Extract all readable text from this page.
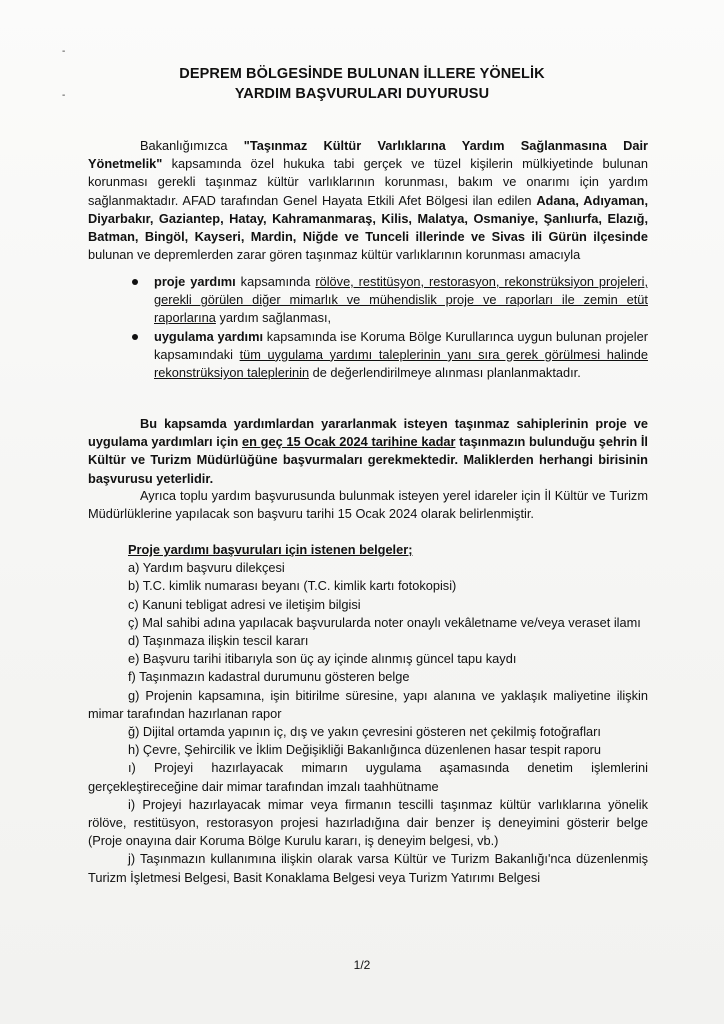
-
-
DEPREM BÖLGESİNDE BULUNAN İLLERE YÖNELİK
YARDIM BAŞVURULARI DUYURUSU
Bakanlığımızca "Taşınmaz Kültür Varlıklarına Yardım Sağlanmasına Dair Yönetmelik" kapsamında özel hukuka tabi gerçek ve tüzel kişilerin mülkiyetinde bulunan korunması gerekli taşınmaz kültür varlıklarının korunması, bakım ve onarımı için yardım sağlanmaktadır. AFAD tarafından Genel Hayata Etkili Afet Bölgesi ilan edilen Adana, Adıyaman, Diyarbakır, Gaziantep, Hatay, Kahramanmaraş, Kilis, Malatya, Osmaniye, Şanlıurfa, Elazığ, Batman, Bingöl, Kayseri, Mardin, Niğde ve Tunceli illerinde ve Sivas ili Gürün ilçesinde bulunan ve depremlerden zarar gören taşınmaz kültür varlıklarının korunması amacıyla
proje yardımı kapsamında rölöve, restitüsyon, restorasyon, rekonstrüksiyon projeleri, gerekli görülen diğer mimarlık ve mühendislik proje ve raporları ile zemin etüt raporlarına yardım sağlanması,
uygulama yardımı kapsamında ise Koruma Bölge Kurullarınca uygun bulunan projeler kapsamındaki tüm uygulama yardımı taleplerinin yanı sıra gerek görülmesi halinde rekonstrüksiyon taleplerinin de değerlendirilmeye alınması planlanmaktadır.
Bu kapsamda yardımlardan yararlanmak isteyen taşınmaz sahiplerinin proje ve uygulama yardımları için en geç 15 Ocak 2024 tarihine kadar taşınmazın bulunduğu şehrin İl Kültür ve Turizm Müdürlüğüne başvurmaları gerekmektedir. Maliklerden herhangi birisinin başvurusu yeterlidir.
Ayrıca toplu yardım başvurusunda bulunmak isteyen yerel idareler için İl Kültür ve Turizm Müdürlüklerine yapılacak son başvuru tarihi 15 Ocak 2024 olarak belirlenmiştir.
Proje yardımı başvuruları için istenen belgeler;
a) Yardım başvuru dilekçesi
b) T.C. kimlik numarası beyanı (T.C. kimlik kartı fotokopisi)
c) Kanuni tebligat adresi ve iletişim bilgisi
ç) Mal sahibi adına yapılacak başvurularda noter onaylı vekâletname ve/veya veraset ilamı
d) Taşınmaza ilişkin tescil kararı
e) Başvuru tarihi itibarıyla son üç ay içinde alınmış güncel tapu kaydı
f) Taşınmazın kadastral durumunu gösteren belge
g) Projenin kapsamına, işin bitirilme süresine, yapı alanına ve yaklaşık maliyetine ilişkin mimar tarafından hazırlanan rapor
ğ) Dijital ortamda yapının iç, dış ve yakın çevresini gösteren net çekilmiş fotoğrafları
h) Çevre, Şehircilik ve İklim Değişikliği Bakanlığınca düzenlenen hasar tespit raporu
ı) Projeyi hazırlayacak mimarın uygulama aşamasında denetim işlemlerini gerçekleştireceğine dair mimar tarafından imzalı taahhütname
i) Projeyi hazırlayacak mimar veya firmanın tescilli taşınmaz kültür varlıklarına yönelik rölöve, restitüsyon, restorasyon projesi hazırladığına dair benzer iş deneyimini gösterir belge (Proje onayına dair Koruma Bölge Kurulu kararı, iş deneyim belgesi, vb.)
j) Taşınmazın kullanımına ilişkin olarak varsa Kültür ve Turizm Bakanlığı'nca düzenlenmiş Turizm İşletmesi Belgesi, Basit Konaklama Belgesi veya Turizm Yatırımı Belgesi
1/2
